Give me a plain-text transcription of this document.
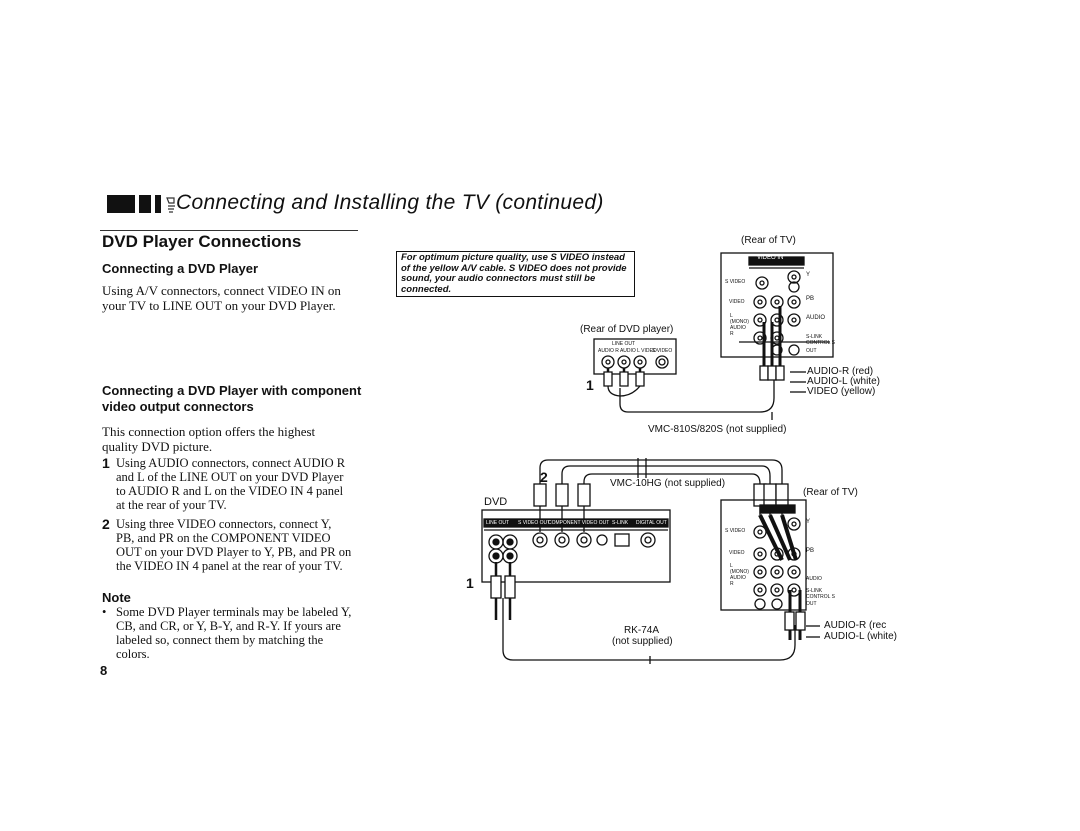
Connecting and Installing the TV (continued)
DVD Player Connections
Connecting a DVD Player
Using A/V connectors, connect VIDEO IN on your TV to LINE OUT on your DVD Player.
Connecting a DVD Player with component video output connectors
This connection option offers the highest quality DVD picture.
1 Using AUDIO connectors, connect AUDIO R and L of the LINE OUT on your DVD Player to AUDIO R and L on the VIDEO IN 4 panel at the rear of your TV.
2 Using three VIDEO connectors, connect Y, PB, and PR on the COMPONENT VIDEO OUT on your DVD Player to Y, PB, and PR on the VIDEO IN 4 panel at the rear of your TV.
Note
• Some DVD Player terminals may be labeled Y, CB, and CR, or Y, B-Y, and R-Y. If yours are labeled so, connect them by matching the colors.
8
For optimum picture quality, use S VIDEO instead of the yellow A/V cable. S VIDEO does not provide sound, your audio connectors must still be connected.
(Rear of TV)
VIDEO IN
S VIDEO
VIDEO
L (MONO) AUDIO R
Y
PB
AUDIO
S-LINK CONTROL S
OUT
(Rear of DVD player)
LINE OUT
AUDIO R AUDIO L VIDEO
S VIDEO
1
AUDIO-R (red)
AUDIO-L (white)
VIDEO (yellow)
VMC-810S/820S (not supplied)
DVD
2
1
VMC-10HG (not supplied)
(Rear of TV)
RK-74A
(not supplied)
AUDIO-R (rec
AUDIO-L (white)
LINE OUT S VIDEO OUT
COMPONENT VIDEO OUT S-LINK DIGITAL OUT
S VIDEO
VIDEO
L (MONO) AUDIO R
Y
PB
AUDIO
S-LINK CONTROL S
OUT
